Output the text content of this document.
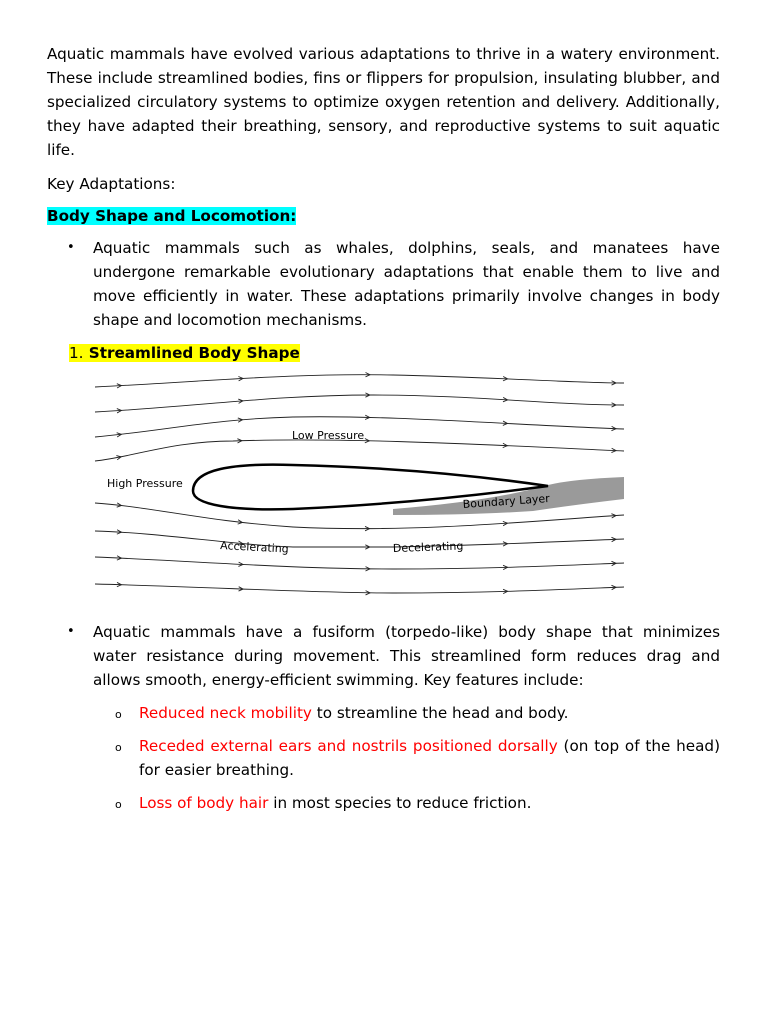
Aquatic mammals have evolved various adaptations to thrive in a watery environment. These include streamlined bodies, fins or flippers for propulsion, insulating blubber, and specialized circulatory systems to optimize oxygen retention and delivery. Additionally, they have adapted their breathing, sensory, and reproductive systems to suit aquatic life.

Key Adaptations:

Body Shape and Locomotion:
• Aquatic mammals such as whales, dolphins, seals, and manatees have undergone remarkable evolutionary adaptations that enable them to live and move efficiently in water. These adaptations primarily involve changes in body shape and locomotion mechanisms.

1. Streamlined Body Shape
Low Pressure
High Pressure
Boundary Layer
Accelerating	Decelerating
• Aquatic mammals have a fusiform (torpedo-like) body shape that minimizes water resistance during movement. This streamlined form reduces drag and allows smooth, energy-efficient swimming. Key features include:

o Reduced neck mobility to streamline the head and body.

o Receded external ears and nostrils positioned dorsally (on top of the head) for easier breathing.

o Loss of body hair in most species to reduce friction.
